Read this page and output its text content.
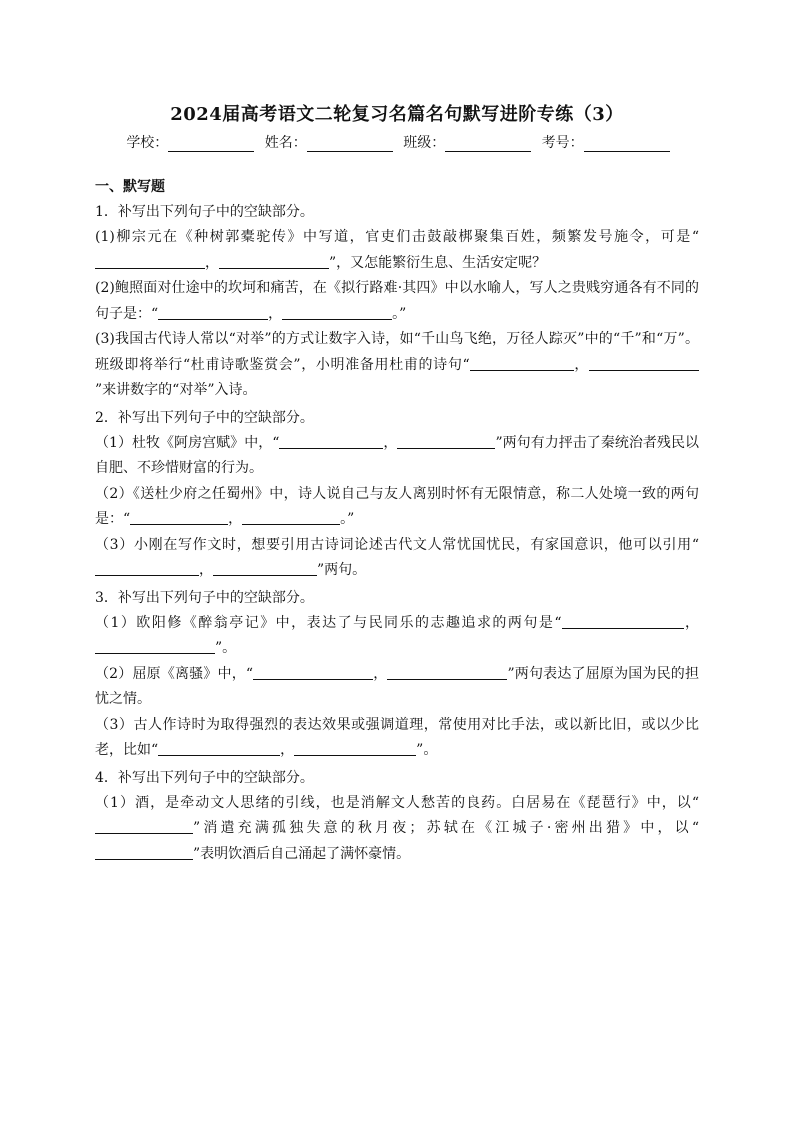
2024届高考语文二轮复习名篇名句默写进阶专练（3）
学校：	姓名：	班级：	考号：
一、默写题
1．补写出下列句子中的空缺部分。

(1)柳宗元在《种树郭橐驼传》中写道，官吏们击鼓敲梆聚集百姓，频繁发号施令，可是“，	”，又怎能繁衍生息、生活安定呢？

(2)鲍照面对仕途中的坎坷和痛苦，在《拟行路难·其四》中以水喻人，写人之贵贱穷通各有不同的句子是：“	，	。”

(3)我国古代诗人常以“对举”的方式让数字入诗，如“千山鸟飞绝，万径人踪灭”中的“千”和“万”。班级即将举行“杜甫诗歌鉴赏会”，小明准备用杜甫的诗句“	，”来讲数字的“对举”入诗。

2．补写出下列句子中的空缺部分。

（1）杜牧《阿房宫赋》中，“	，	”两句有力抨击了秦统治者残民以自肥、不珍惜财富的行为。

（2）《送杜少府之任蜀州》中，诗人说自己与友人离别时怀有无限情意，称二人处境一致的两句是：“	，	。”

（3）小刚在写作文时，想要引用古诗词论述古代文人常忧国忧民，有家国意识，他可以引用“，	”两句。

3．补写出下列句子中的空缺部分。

（1）欧阳修《醉翁亭记》中，表达了与民同乐的志趣追求的两句是“	，”。

（2）屈原《离骚》中，“	，	”两句表达了屈原为国为民的担忧之情。

（3）古人作诗时为取得强烈的表达效果或强调道理，常使用对比手法，或以新比旧，或以少比老，比如“	，	”。

4．补写出下列句子中的空缺部分。

（1）酒，是牵动文人思绪的引线，也是消解文人愁苦的良药。白居易在《琵琶行》中，以“”消遣充满孤独失意的秋月夜；苏轼在《江城子·密州出猎》中，以“”表明饮酒后自己涌起了满怀豪情。
